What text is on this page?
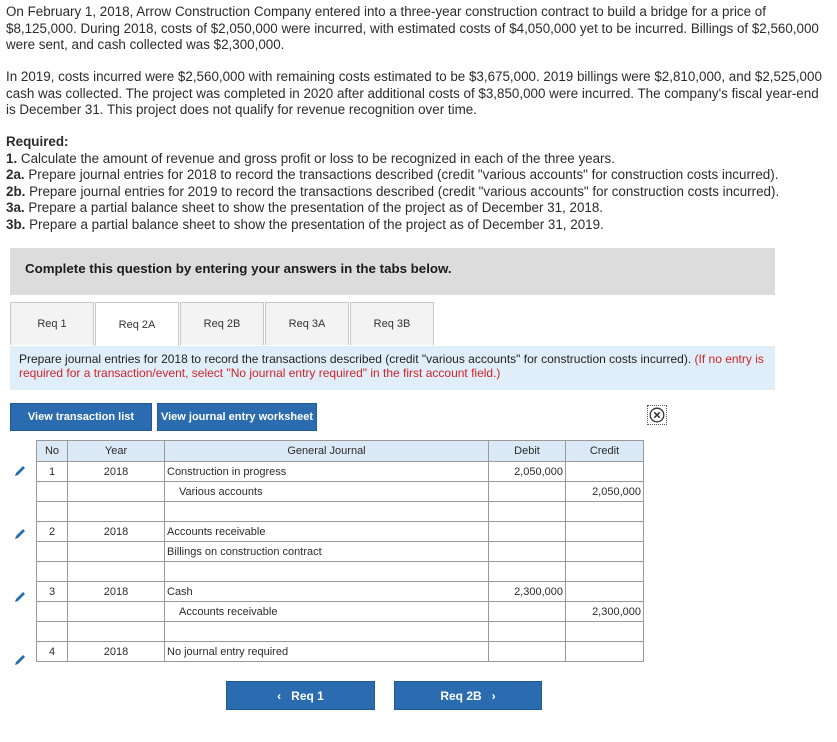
On February 1, 2018, Arrow Construction Company entered into a three-year construction contract to build a bridge for a price of $8,125,000. During 2018, costs of $2,050,000 were incurred, with estimated costs of $4,050,000 yet to be incurred. Billings of $2,560,000 were sent, and cash collected was $2,300,000.
In 2019, costs incurred were $2,560,000 with remaining costs estimated to be $3,675,000. 2019 billings were $2,810,000, and $2,525,000 cash was collected. The project was completed in 2020 after additional costs of $3,850,000 were incurred. The company's fiscal year-end is December 31. This project does not qualify for revenue recognition over time.
Required:
1. Calculate the amount of revenue and gross profit or loss to be recognized in each of the three years.
2a. Prepare journal entries for 2018 to record the transactions described (credit "various accounts" for construction costs incurred).
2b. Prepare journal entries for 2019 to record the transactions described (credit "various accounts" for construction costs incurred).
3a. Prepare a partial balance sheet to show the presentation of the project as of December 31, 2018.
3b. Prepare a partial balance sheet to show the presentation of the project as of December 31, 2019.
Complete this question by entering your answers in the tabs below.
Req 1	Req 2A	Req 2B	Req 3A	Req 3B
Prepare journal entries for 2018 to record the transactions described (credit "various accounts" for construction costs incurred). (If no entry is required for a transaction/event, select "No journal entry required" in the first account field.)
View transaction list	View journal entry worksheet
No	Year	General Journal	Debit	Credit
1	2018	Construction in progress	2,050,000	
		Various accounts		2,050,000

2	2018	Accounts receivable		
		Billings on construction contract		

3	2018	Cash	2,300,000	
		Accounts receivable		2,300,000

4	2018	No journal entry required		
‹ Req 1	Req 2B ›
